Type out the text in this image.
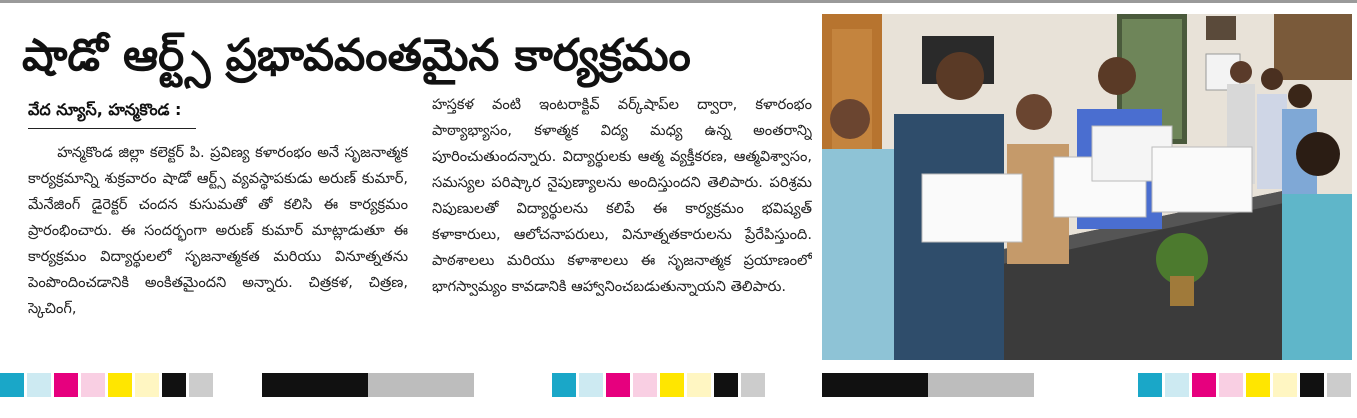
షాడో ఆర్ట్స్ ప్రభావవంతమైన కార్యక్రమం
వేద న్యూస్, హన్మకొండ :

హన్మకొండ జిల్లా కలెక్టర్ పి. ప్రవిణ్య కళారంభం అనే సృజనాత్మక కార్యక్రమాన్ని శుక్రవారం షాడో ఆర్ట్స్ వ్యవస్థాపకుడు అరుణ్ కుమార్, మేనేజింగ్ డైరెక్టర్ చందన కుసుమతో తో కలిసి ఈ కార్యక్రమం ప్రారంభించారు. ఈ సందర్భంగా అరుణ్ కుమార్ మాట్లాడుతూ ఈ కార్యక్రమం విద్యార్థులలో సృజనాత్మకత మరియు వినూత్నతను పెంపొందించడానికి అంకితమైందని అన్నారు. చిత్రకళ, చిత్రణ, స్కెచింగ్,

హస్తకళ వంటి ఇంటరాక్టివ్ వర్క్‌షాప్‌ల ద్వారా, కళారంభం పాఠ్యాభ్యాసం, కళాత్మక విద్య మధ్య ఉన్న అంతరాన్ని పూరించుతుందన్నారు. విద్యార్థులకు ఆత్మ వ్యక్తీకరణ, ఆత్మవిశ్వాసం, సమస్యల పరిష్కార నైపుణ్యాలను అందిస్తుందని తెలిపారు. పరిశ్రమ నిపుణులతో విద్యార్థులను కలిపే ఈ కార్యక్రమం భవిష్యత్ కళాకారులు, ఆలోచనాపరులు, వినూత్నతకారులను ప్రేరేపిస్తుంది. పాఠశాలలు మరియు కళాశాలలు ఈ సృజనాత్మక ప్రయాణంలో భాగస్వామ్యం కావడానికి ఆహ్వానించబడుతున్నాయని తెలిపారు.
